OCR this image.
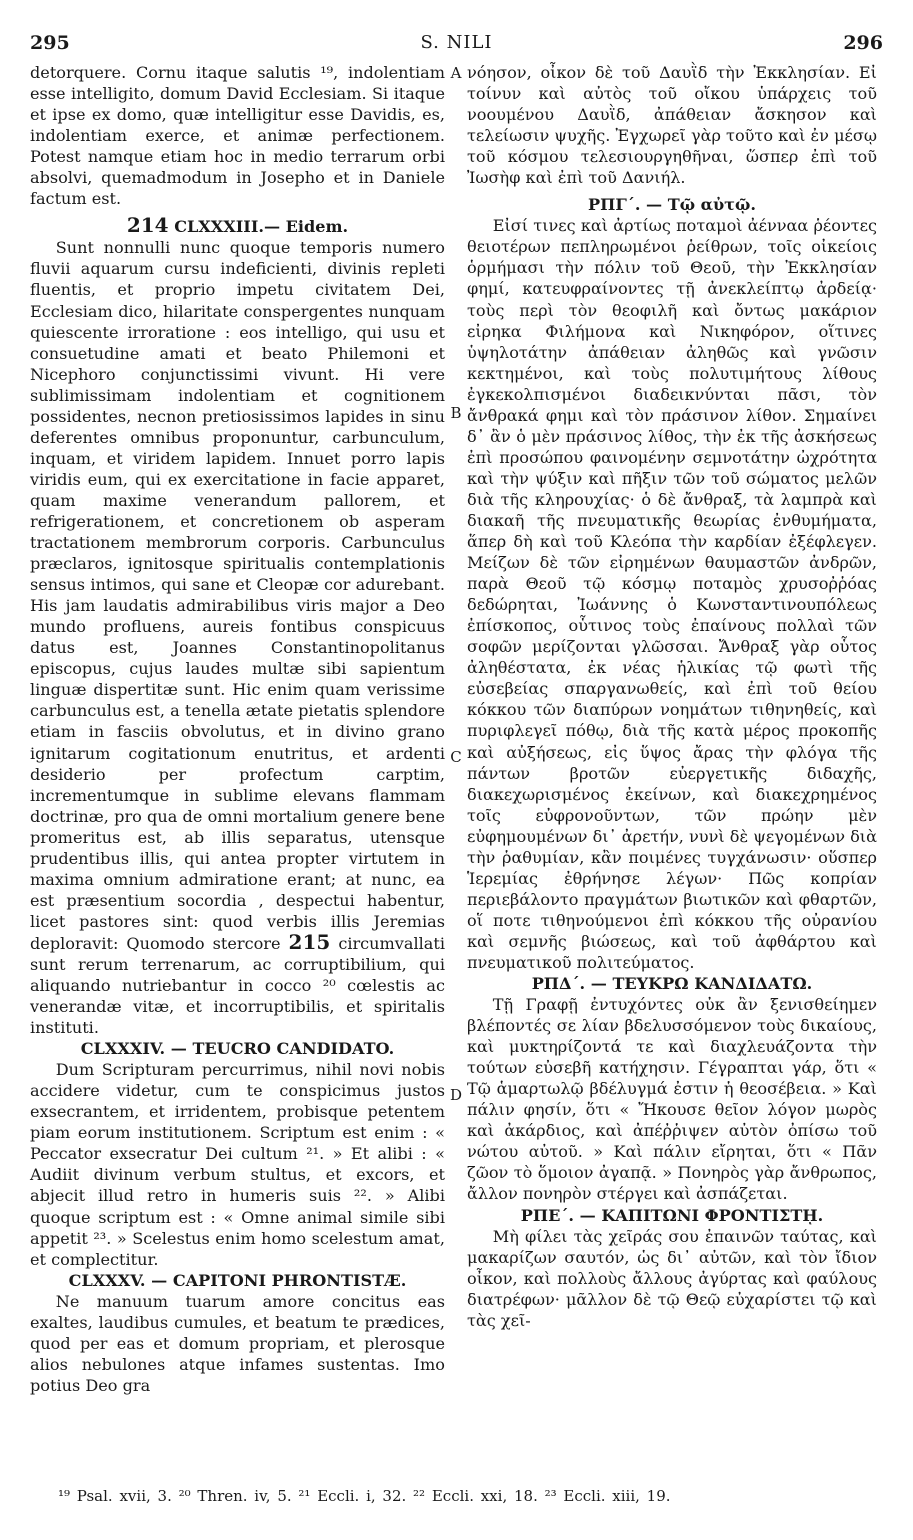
295	S. NILI	296

detorquere. Cornu itaque salutis ¹⁹, indolentiam esse intelligito, domum David Ecclesiam. Si itaque et ipse ex domo, quæ intelligitur esse Davidis, es, indolentiam exerce, et animæ perfectionem. Potest namque etiam hoc in medio terrarum orbi absolvi, quemadmodum in Josepho et in Daniele factum est.

214 CLXXXIII.— Eidem.

Sunt nonnulli nunc quoque temporis numero fluvii aquarum cursu indeficienti, divinis repleti fluentis, et proprio impetu civitatem Dei, Ecclesiam dico, hilaritate conspergentes nunquam quiescente irroratione : eos intelligo, qui usu et consuetudine amati et beato Philemoni et Nicephoro conjunctissimi vivunt. Hi vere sublimissimam indolentiam et cognitionem possidentes, necnon pretiosissimos lapides in sinu deferentes omnibus proponuntur, carbunculum, inquam, et viridem lapidem. Innuet porro lapis viridis eum, qui ex exercitatione in facie apparet, quam maxime venerandum pallorem, et refrigerationem, et concretionem ob asperam tractationem membrorum corporis. Carbunculus præclaros, ignitosque spiritualis contemplationis sensus intimos, qui sane et Cleopæ cor adurebant. His jam laudatis admirabilibus viris major a Deo mundo profluens, aureis fontibus conspicuus datus est, Joannes Constantinopolitanus episcopus, cujus laudes multæ sibi sapientum linguæ dispertitæ sunt. Hic enim quam verissime carbunculus est, a tenella ætate pietatis splendore etiam in fasciis obvolutus, et in divino grano ignitarum cogitationum enutritus, et ardenti desiderio per profectum carptim, incrementumque in sublime elevans flammam doctrinæ, pro qua de omni mortalium genere bene promeritus est, ab illis separatus, utensque prudentibus illis, qui antea propter virtutem in maxima omnium admiratione erant; at nunc, ea est præsentium socordia , despectui habentur, licet pastores sint: quod verbis illis Jeremias deploravit: Quomodo stercore 215 circumvallati sunt rerum terrenarum, ac corruptibilium, qui aliquando nutriebantur in cocco ²⁰ cœlestis ac venerandæ vitæ, et incorruptibilis, et spiritalis instituti.

CLXXXIV. — TEUCRO CANDIDATO.

Dum Scripturam percurrimus, nihil novi nobis accidere videtur, cum te conspicimus justos exsecrantem, et irridentem, probisque petentem piam eorum institutionem. Scriptum est enim : « Peccator exsecratur Dei cultum ²¹. » Et alibi : « Audiit divinum verbum stultus, et excors, et abjecit illud retro in humeris suis ²². » Alibi quoque scriptum est : « Omne animal simile sibi appetit ²³. » Scelestus enim homo scelestum amat, et complectitur.

CLXXXV. — CAPITONI PHRONTISTÆ.

Ne manuum tuarum amore concitus eas exaltes, laudibus cumules, et beatum te prædices, quod per eas et domum propriam, et plerosque alios nebulones atque infames sustentas. Imo potius Deo gra

A
B
C
D

νόησον, οἶκον δὲ τοῦ Δαυῒδ τὴν Ἐκκλησίαν. Εἰ τοίνυν καὶ αὐτὸς τοῦ οἴκου ὑπάρχεις τοῦ νοουμένου Δαυῒδ, ἀπάθειαν ἄσκησον καὶ τελείωσιν ψυχῆς. Ἐγχωρεῖ γὰρ τοῦτο καὶ ἐν μέσῳ τοῦ κόσμου τελεσιουργηθῆναι, ὥσπερ ἐπὶ τοῦ Ἰωσὴφ καὶ ἐπὶ τοῦ Δανιήλ.

ΡΠΓ΄. — Τῷ αὐτῷ.

Εἰσί τινες καὶ ἀρτίως ποταμοὶ ἀένναα ῥέοντες θειοτέρων πεπληρωμένοι ῥείθρων, τοῖς οἰκείοις ὁρμήμασι τὴν πόλιν τοῦ Θεοῦ, τὴν Ἐκκλησίαν φημί, κατευφραίνοντες τῇ ἀνεκλείπτῳ ἀρδείᾳ· τοὺς περὶ τὸν θεοφιλῆ καὶ ὄντως μακάριον εἰρηκα Φιλήμονα καὶ Νικηφόρον, οἵτινες ὑψηλοτάτην ἀπάθειαν ἀληθῶς καὶ γνῶσιν κεκτημένοι, καὶ τοὺς πολυτιμήτους λίθους ἐγκεκολπισμένοι διαδεικνύνται πᾶσι, τὸν ἄνθρακά φημι καὶ τὸν πράσινον λίθον. Σημαίνει δ᾽ ἂν ὁ μὲν πράσινος λίθος, τὴν ἐκ τῆς ἀσκήσεως ἐπὶ προσώπου φαινομένην σεμνοτάτην ὠχρότητα καὶ τὴν ψύξιν καὶ πῆξιν τῶν τοῦ σώματος μελῶν διὰ τῆς κληρουχίας· ὁ δὲ ἄνθραξ, τὰ λαμπρὰ καὶ διακαῆ τῆς πνευματικῆς θεωρίας ἐνθυμήματα, ἅπερ δὴ καὶ τοῦ Κλεόπα τὴν καρδίαν ἐξέφλεγεν. Μείζων δὲ τῶν εἰρημένων θαυμαστῶν ἀνδρῶν, παρὰ Θεοῦ τῷ κόσμῳ ποταμὸς χρυσοῤῥόας δεδώρηται, Ἰωάννης ὁ Κωνσταντινουπόλεως ἐπίσκοπος, οὗτινος τοὺς ἐπαίνους πολλαὶ τῶν σοφῶν μερίζονται γλῶσσαι. Ἄνθραξ γὰρ οὗτος ἀληθέστατα, ἐκ νέας ἡλικίας τῷ φωτὶ τῆς εὐσεβείας σπαργανωθείς, καὶ ἐπὶ τοῦ θείου κόκκου τῶν διαπύρων νοημάτων τιθηνηθείς, καὶ πυριφλεγεῖ πόθῳ, διὰ τῆς κατὰ μέρος προκοπῆς καὶ αὐξήσεως, εἰς ὕψος ἄρας τὴν φλόγα τῆς πάντων βροτῶν εὐεργετικῆς διδαχῆς, διακεχωρισμένος ἐκείνων, καὶ διακεχρημένος τοῖς εὐφρονοῦντων, τῶν πρώην μὲν εὐφημουμένων δι᾽ ἀρετήν, νυνὶ δὲ ψεγομένων διὰ τὴν ῥαθυμίαν, κἂν ποιμένες τυγχάνωσιν· οὕσπερ Ἱερεμίας ἐθρήνησε λέγων· Πῶς κοπρίαν περιεβάλοντο πραγμάτων βιωτικῶν καὶ φθαρτῶν, οἵ ποτε τιθηνούμενοι ἐπὶ κόκκου τῆς οὐρανίου καὶ σεμνῆς βιώσεως, καὶ τοῦ ἀφθάρτου καὶ πνευματικοῦ πολιτεύματος.

ΡΠΔ΄. — ΤΕΥΚΡΩ ΚΑΝΔΙΔΑΤΩ.

Τῇ Γραφῇ ἐντυχόντες οὐκ ἂν ξενισθείημεν βλέποντές σε λίαν βδελυσσόμενον τοὺς δικαίους, καὶ μυκτηρίζοντά τε καὶ διαχλευάζοντα τὴν τούτων εὐσεβῆ κατήχησιν. Γέγραπται γάρ, ὅτι « Τῷ ἁμαρτωλῷ βδέλυγμά ἐστιν ἡ θεοσέβεια. » Καὶ πάλιν φησίν, ὅτι « Ἤκουσε θεῖον λόγον μωρὸς καὶ ἀκάρδιος, καὶ ἀπέῤῥιψεν αὐτὸν ὀπίσω τοῦ νώτου αὐτοῦ. » Καὶ πάλιν εἴρηται, ὅτι « Πᾶν ζῶον τὸ ὅμοιον ἀγαπᾷ. » Πονηρὸς γὰρ ἄνθρωπος, ἄλλον πονηρὸν στέργει καὶ ἀσπάζεται.

ΡΠΕ΄. — ΚΑΠΙΤΩΝΙ ΦΡΟΝΤΙΣΤῌ.

Μὴ φίλει τὰς χεῖράς σου ἐπαινῶν ταύτας, καὶ μακαρίζων σαυτόν, ὡς δι᾽ αὐτῶν, καὶ τὸν ἴδιον οἶκον, καὶ πολλοὺς ἄλλους ἀγύρτας καὶ φαύλους διατρέφων· μᾶλλον δὲ τῷ Θεῷ εὐχαρίστει τῷ καὶ τὰς χεῖ-

¹⁹ Psal. xvii, 3. ²⁰ Thren. iv, 5. ²¹ Eccli. i, 32. ²² Eccli. xxi, 18. ²³ Eccli. xiii, 19.
